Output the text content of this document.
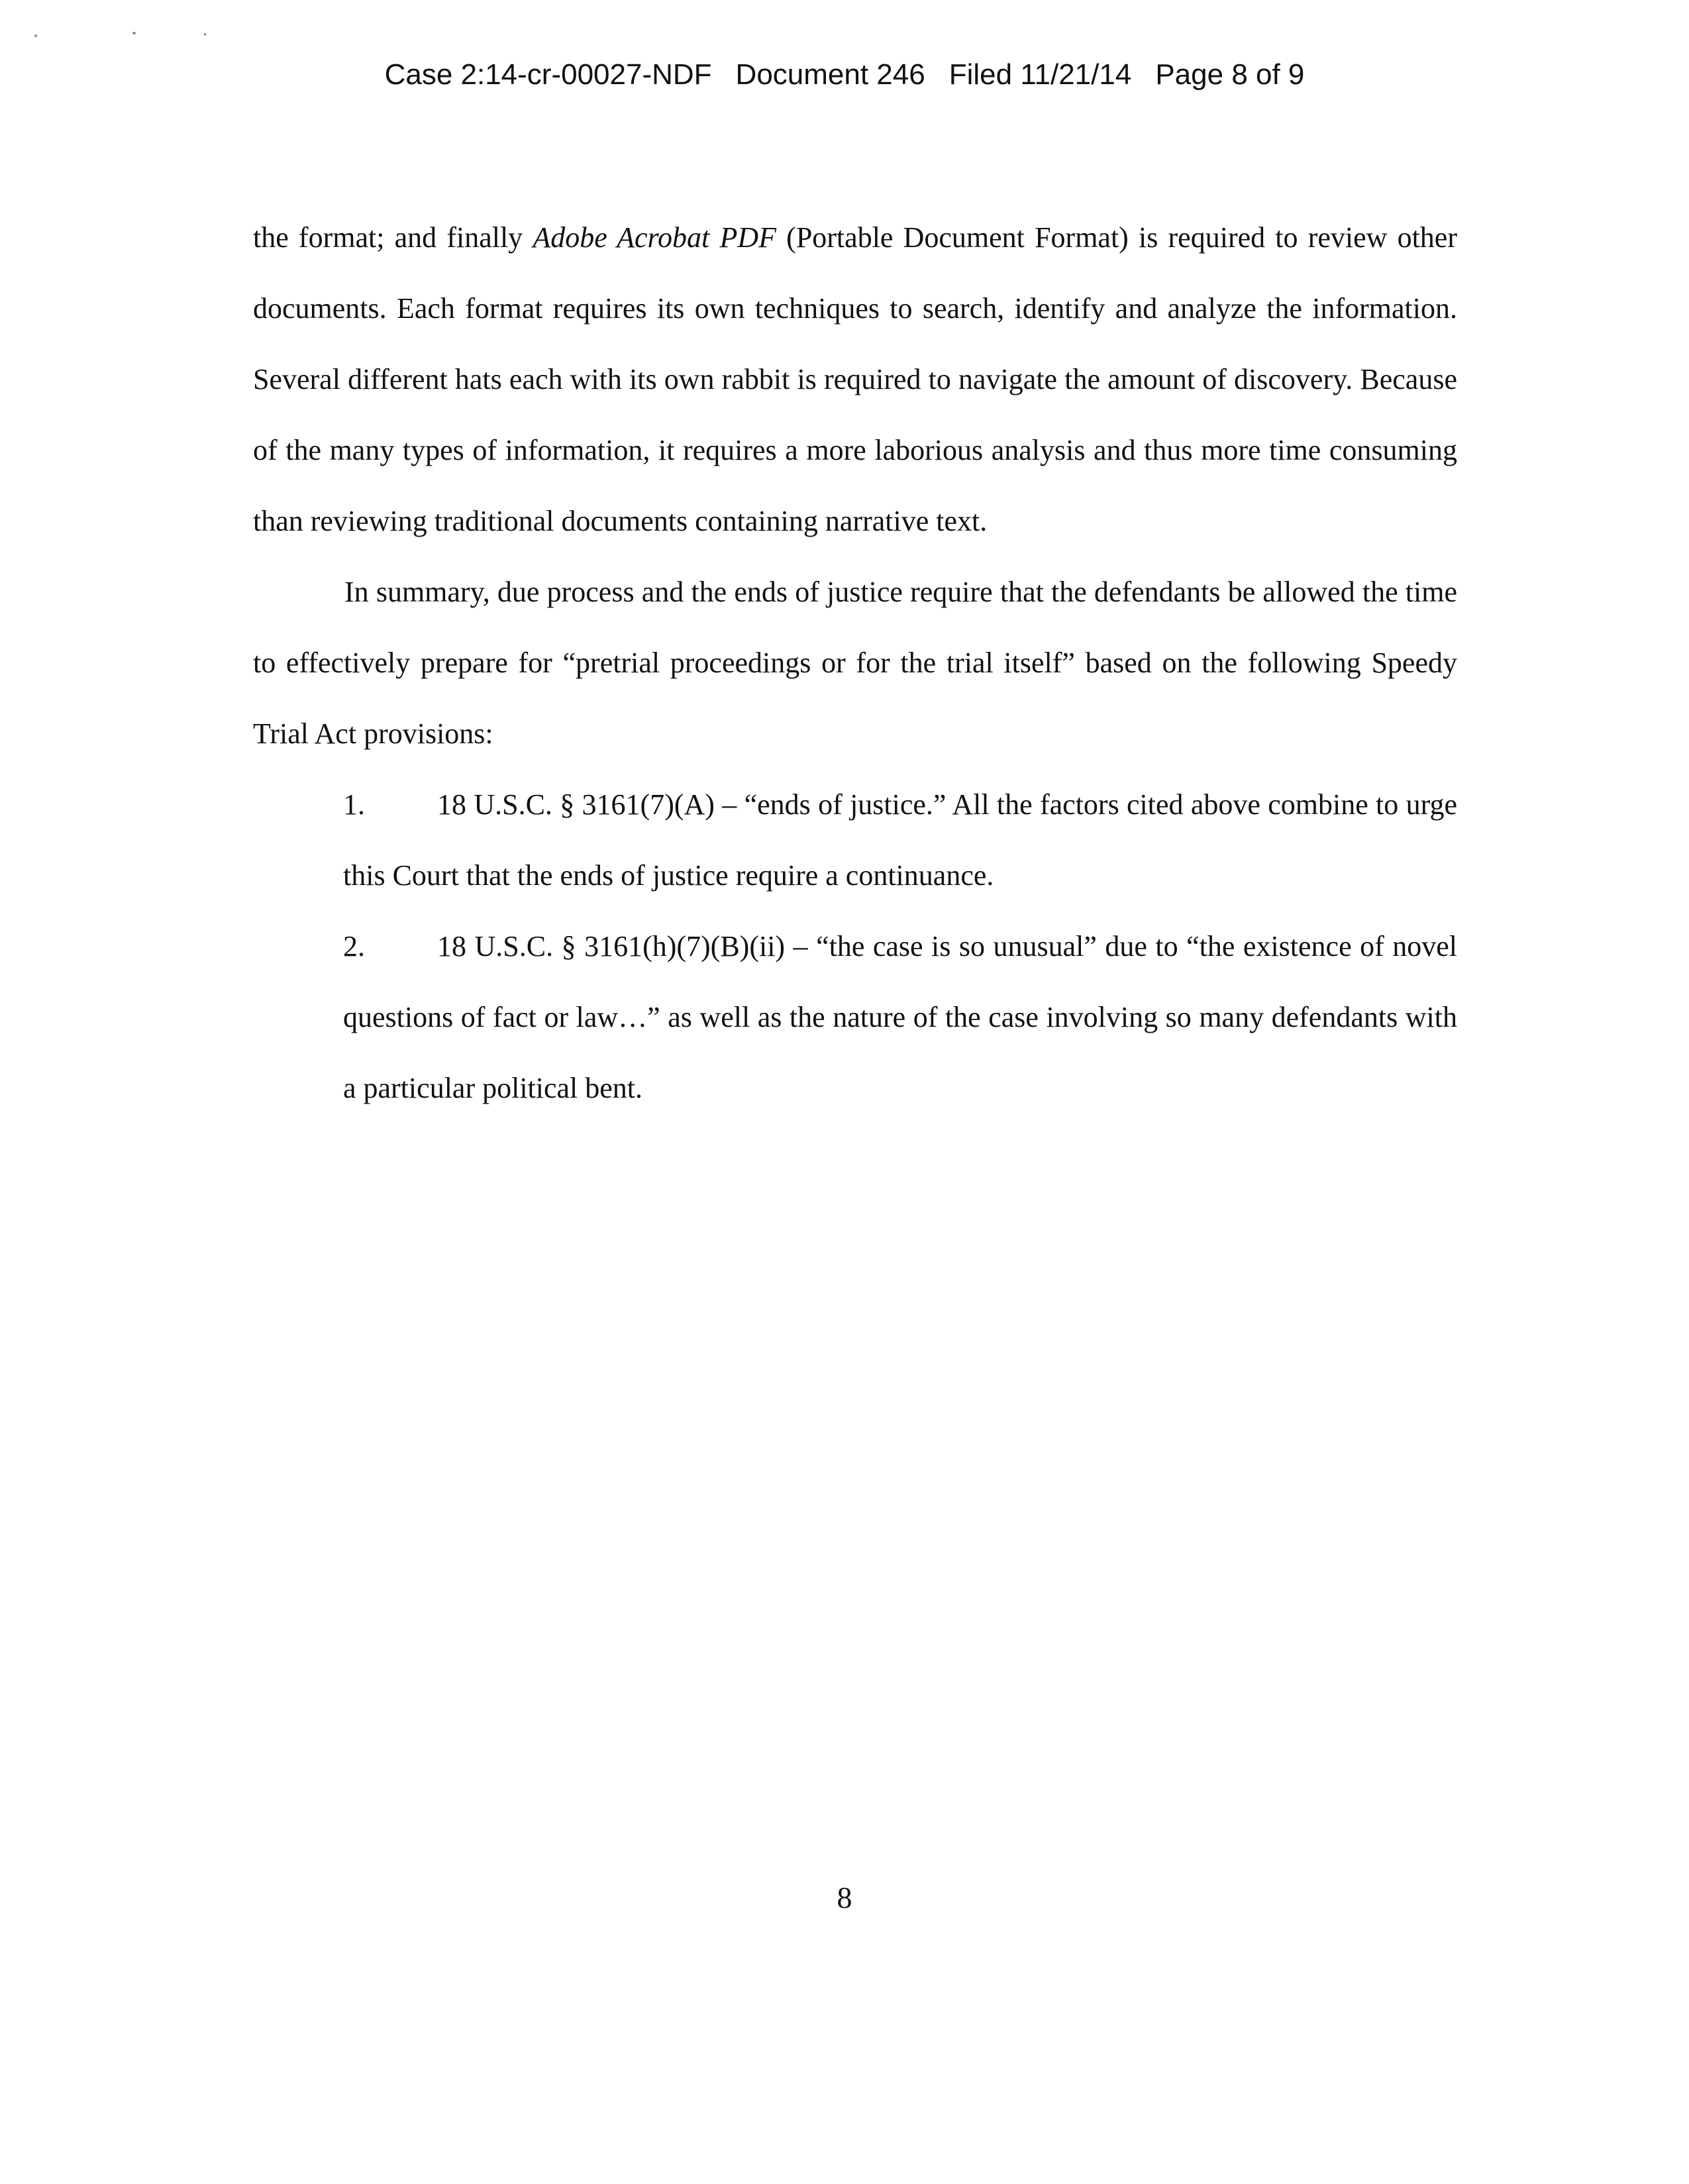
Case 2:14-cr-00027-NDF Document 246 Filed 11/21/14 Page 8 of 9

the format; and finally Adobe Acrobat PDF (Portable Document Format) is required to review other documents. Each format requires its own techniques to search, identify and analyze the information. Several different hats each with its own rabbit is required to navigate the amount of discovery. Because of the many types of information, it requires a more laborious analysis and thus more time consuming than reviewing traditional documents containing narrative text.

In summary, due process and the ends of justice require that the defendants be allowed the time to effectively prepare for “pretrial proceedings or for the trial itself” based on the following Speedy Trial Act provisions:

1. 18 U.S.C. § 3161(7)(A) – “ends of justice.” All the factors cited above combine to urge this Court that the ends of justice require a continuance.
2. 18 U.S.C. § 3161(h)(7)(B)(ii) – “the case is so unusual” due to “the existence of novel questions of fact or law…” as well as the nature of the case involving so many defendants with a particular political bent.
8
